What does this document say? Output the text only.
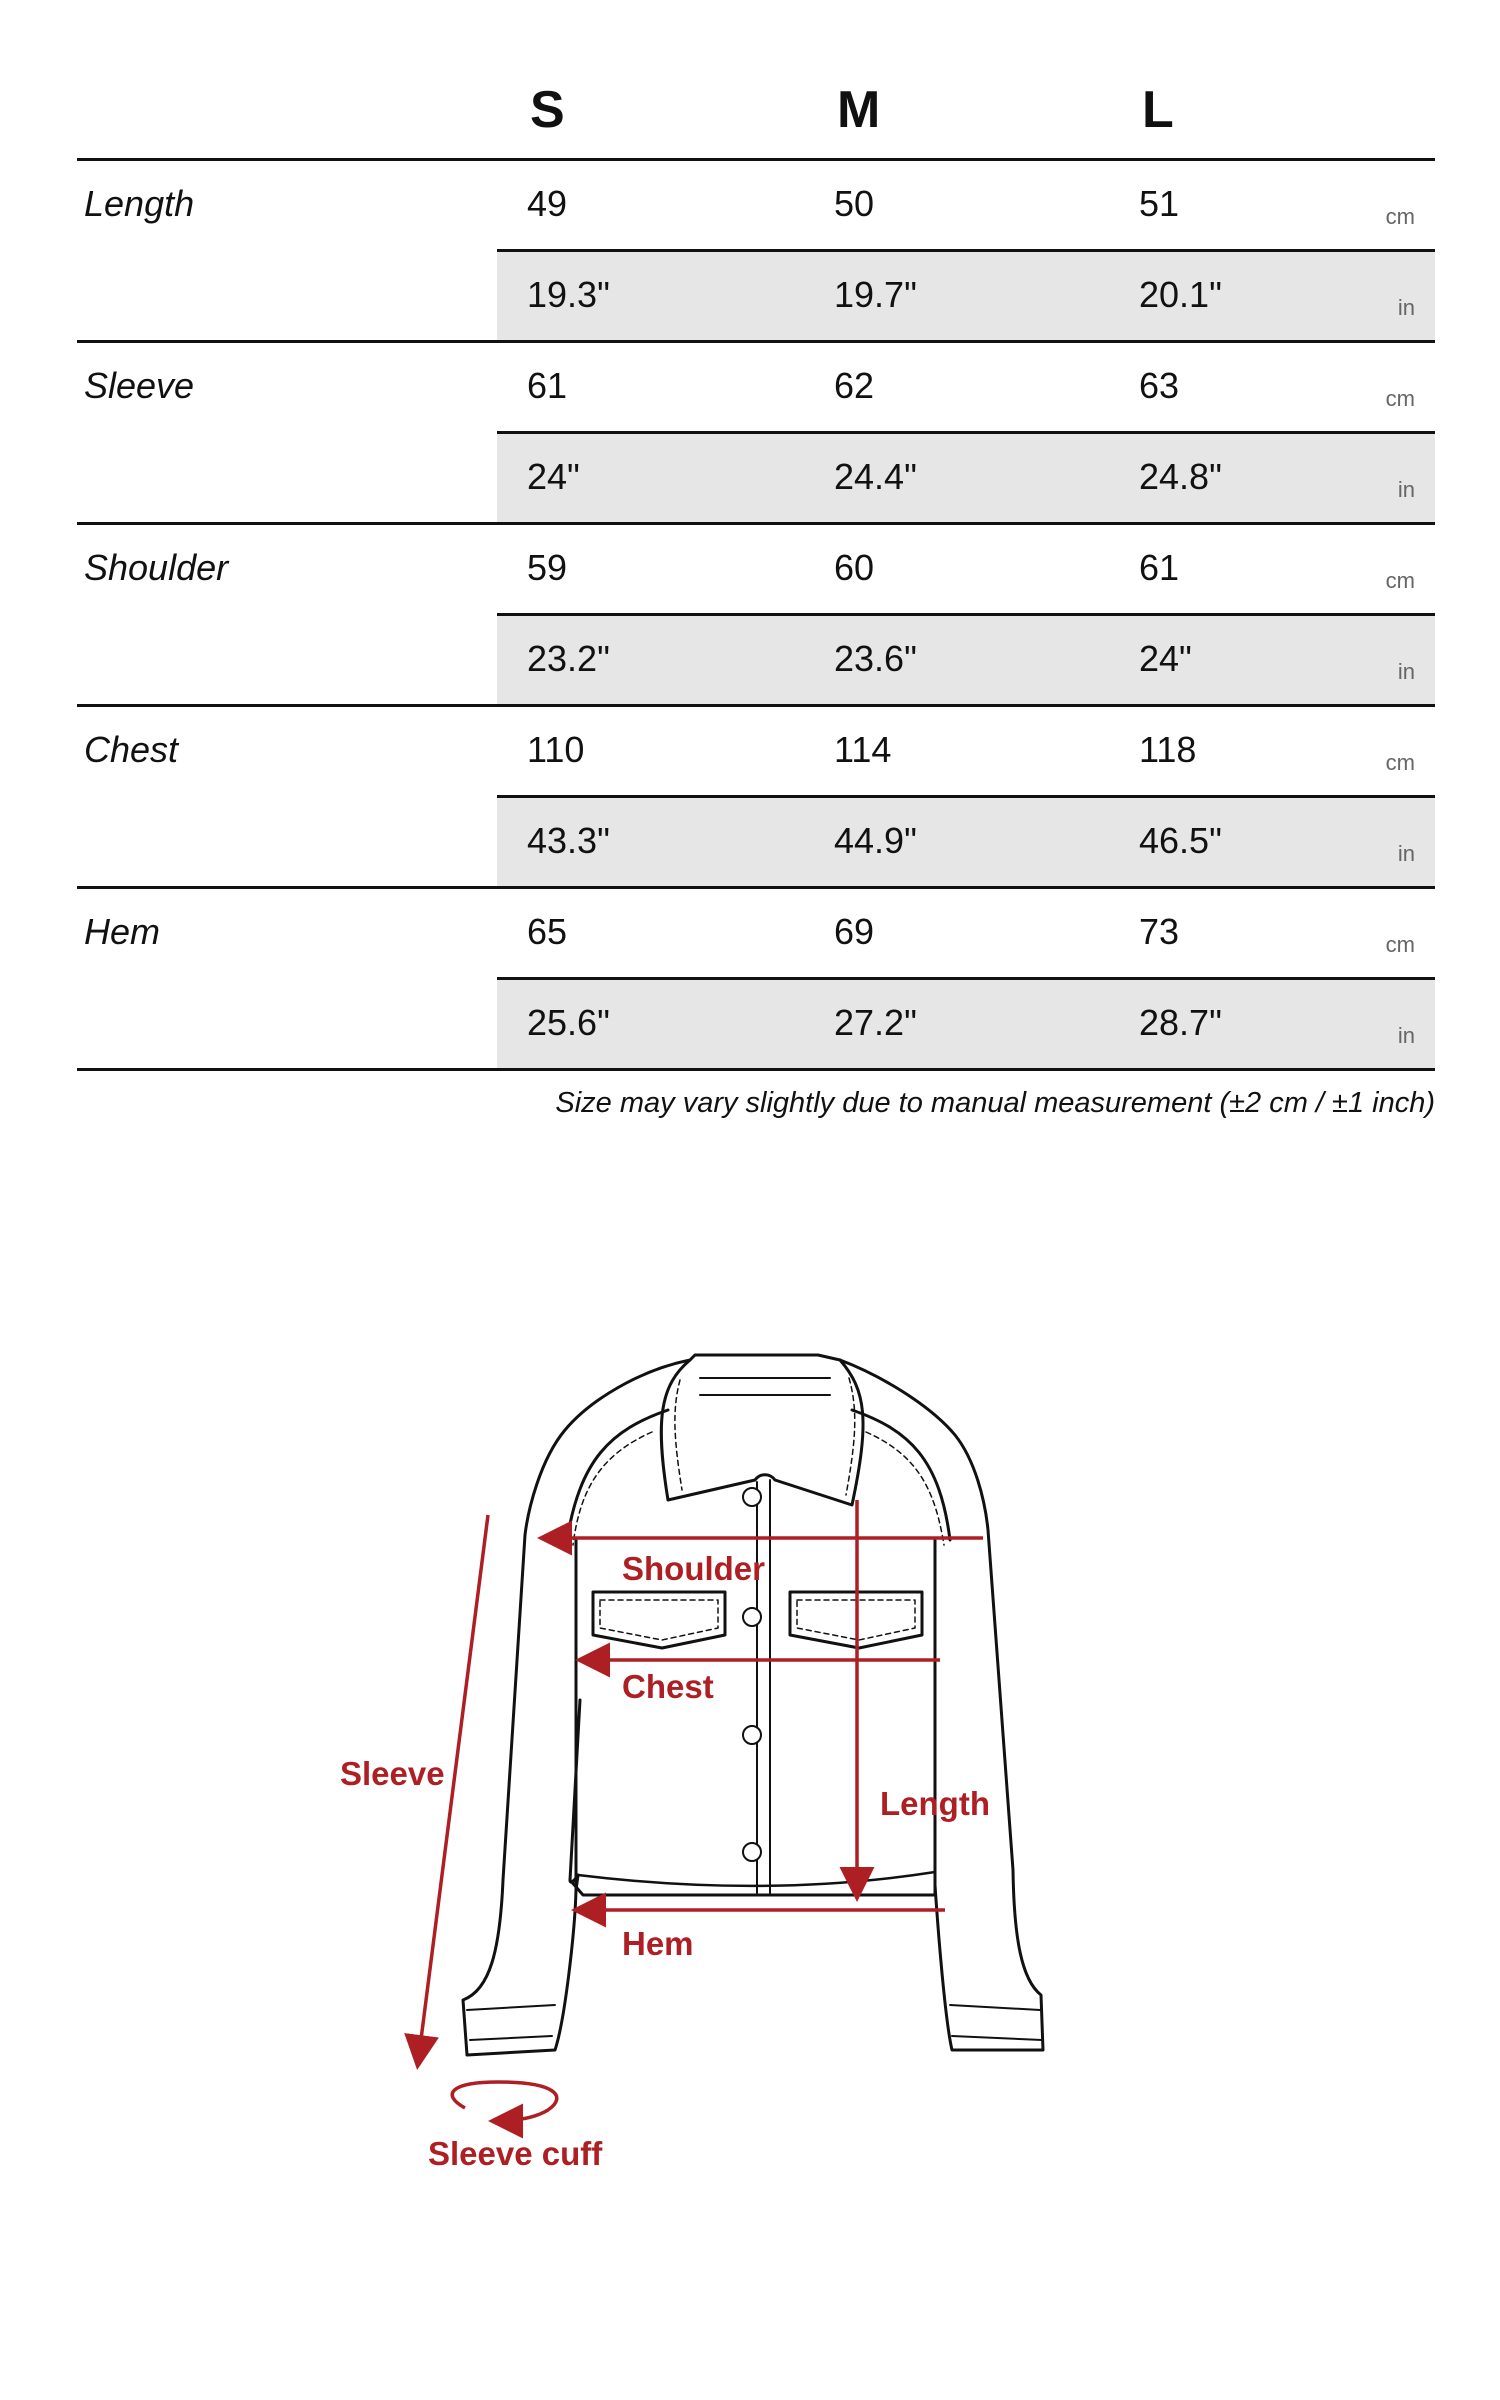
S	M	L
Length	49	50	51	cm
19.3"	19.7"	20.1"	in
Sleeve	61	62	63	cm
24"	24.4"	24.8"	in
Shoulder	59	60	61	cm
23.2"	23.6"	24"	in
Chest	110	114	118	cm
43.3"	44.9"	46.5"	in
Hem	65	69	73	cm
25.6"	27.2"	28.7"	in
Size may vary slightly due to manual measurement (±2 cm / ±1 inch)
Shoulder
Chest
Sleeve
Length
Hem
Sleeve cuff
